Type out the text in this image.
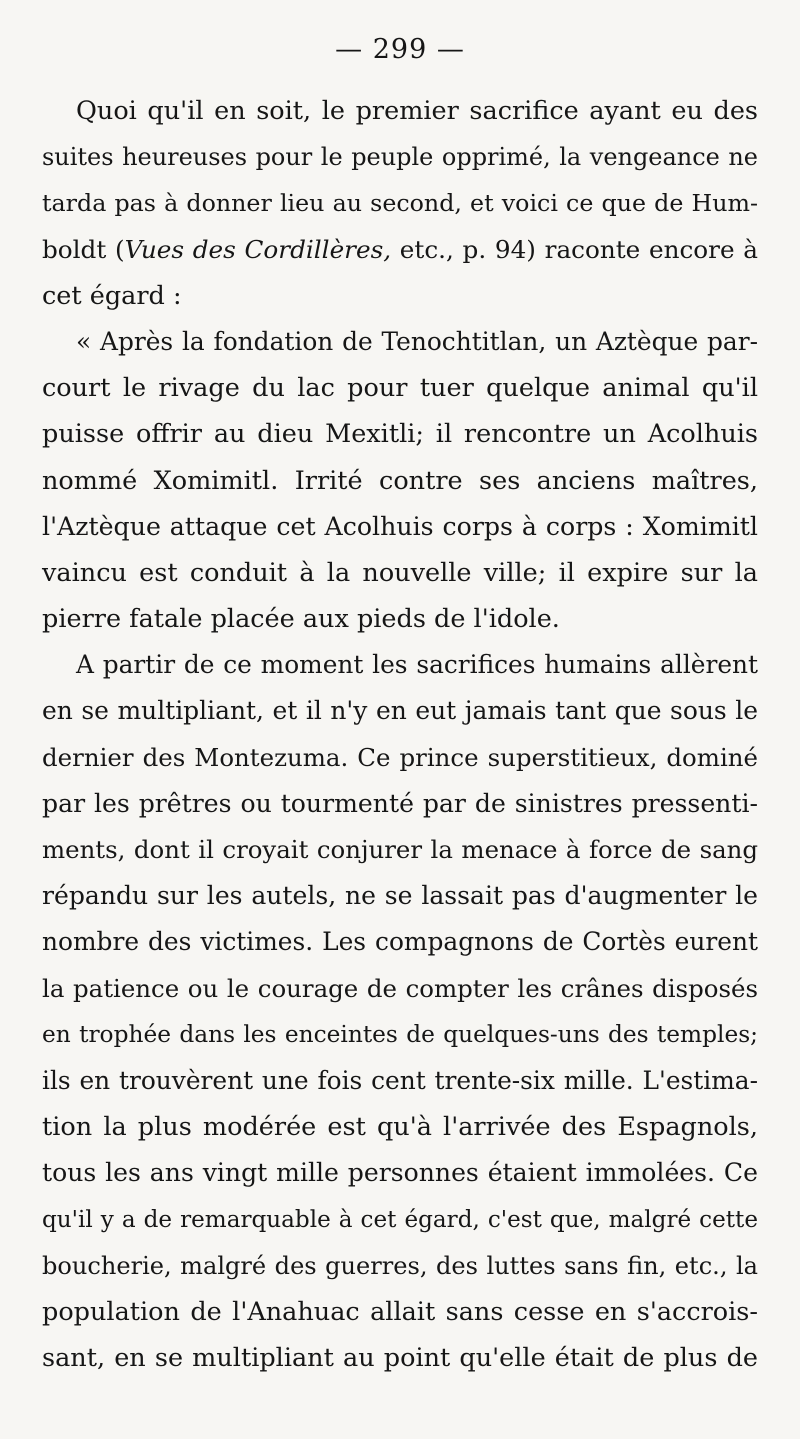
— 299 —
Quoi qu'il en soit, le premier sacrifice ayant eu des
suites heureuses pour le peuple opprimé, la vengeance ne
tarda pas à donner lieu au second, et voici ce que de Hum-
boldt (Vues des Cordillères, etc., p. 94) raconte encore à
cet égard :
« Après la fondation de Tenochtitlan, un Aztèque par-
court le rivage du lac pour tuer quelque animal qu'il
puisse offrir au dieu Mexitli; il rencontre un Acolhuis
nommé Xomimitl. Irrité contre ses anciens maîtres,
l'Aztèque attaque cet Acolhuis corps à corps : Xomimitl
vaincu est conduit à la nouvelle ville; il expire sur la
pierre fatale placée aux pieds de l'idole.
A partir de ce moment les sacrifices humains allèrent
en se multipliant, et il n'y en eut jamais tant que sous le
dernier des Montezuma. Ce prince superstitieux, dominé
par les prêtres ou tourmenté par de sinistres pressenti-
ments, dont il croyait conjurer la menace à force de sang
répandu sur les autels, ne se lassait pas d'augmenter le
nombre des victimes. Les compagnons de Cortès eurent
la patience ou le courage de compter les crânes disposés
en trophée dans les enceintes de quelques-uns des temples;
ils en trouvèrent une fois cent trente-six mille. L'estima-
tion la plus modérée est qu'à l'arrivée des Espagnols,
tous les ans vingt mille personnes étaient immolées. Ce
qu'il y a de remarquable à cet égard, c'est que, malgré cette
boucherie, malgré des guerres, des luttes sans fin, etc., la
population de l'Anahuac allait sans cesse en s'accrois-
sant, en se multipliant au point qu'elle était de plus de
